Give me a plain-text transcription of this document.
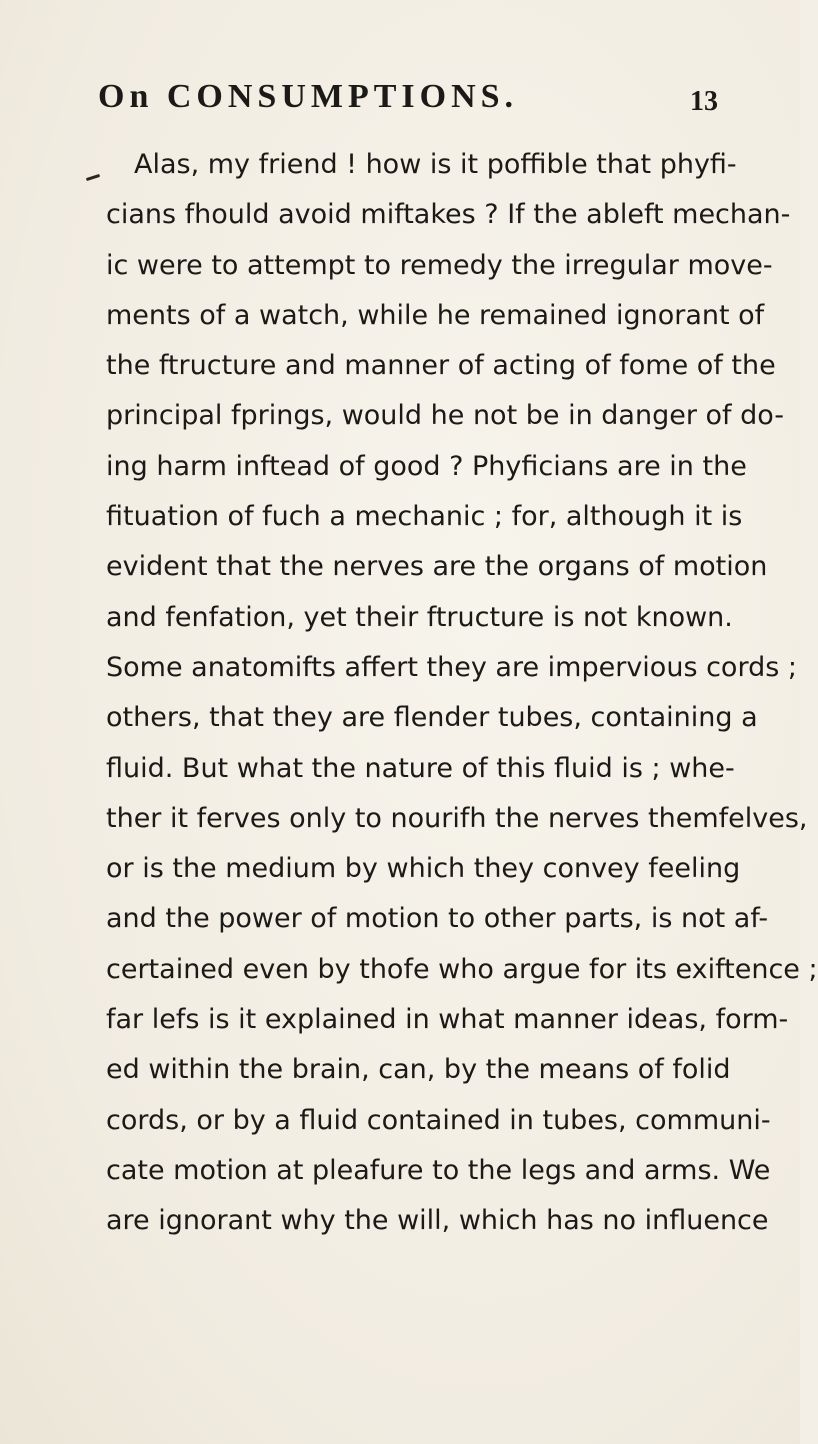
On CONSUMPTIONS.	13
Alas, my friend ! how is it poffible that phyfi-
cians fhould avoid miftakes ? If the ableft mechan-
ic were to attempt to remedy the irregular move-
ments of a watch, while he remained ignorant of
the ftructure and manner of acting of fome of the
principal fprings, would he not be in danger of do-
ing harm inftead of good ? Phyficians are in the
fituation of fuch a mechanic ; for, although it is
evident that the nerves are the organs of motion
and fenfation, yet their ftructure is not known.
Some anatomifts affert they are impervious cords ;
others, that they are flender tubes, containing a
fluid. But what the nature of this fluid is ; whe-
ther it ferves only to nourifh the nerves themfelves,
or is the medium by which they convey feeling
and the power of motion to other parts, is not af-
certained even by thofe who argue for its exiftence ;
far lefs is it explained in what manner ideas, form-
ed within the brain, can, by the means of folid
cords, or by a fluid contained in tubes, communi-
cate motion at pleafure to the legs and arms. We
are ignorant why the will, which has no influence
